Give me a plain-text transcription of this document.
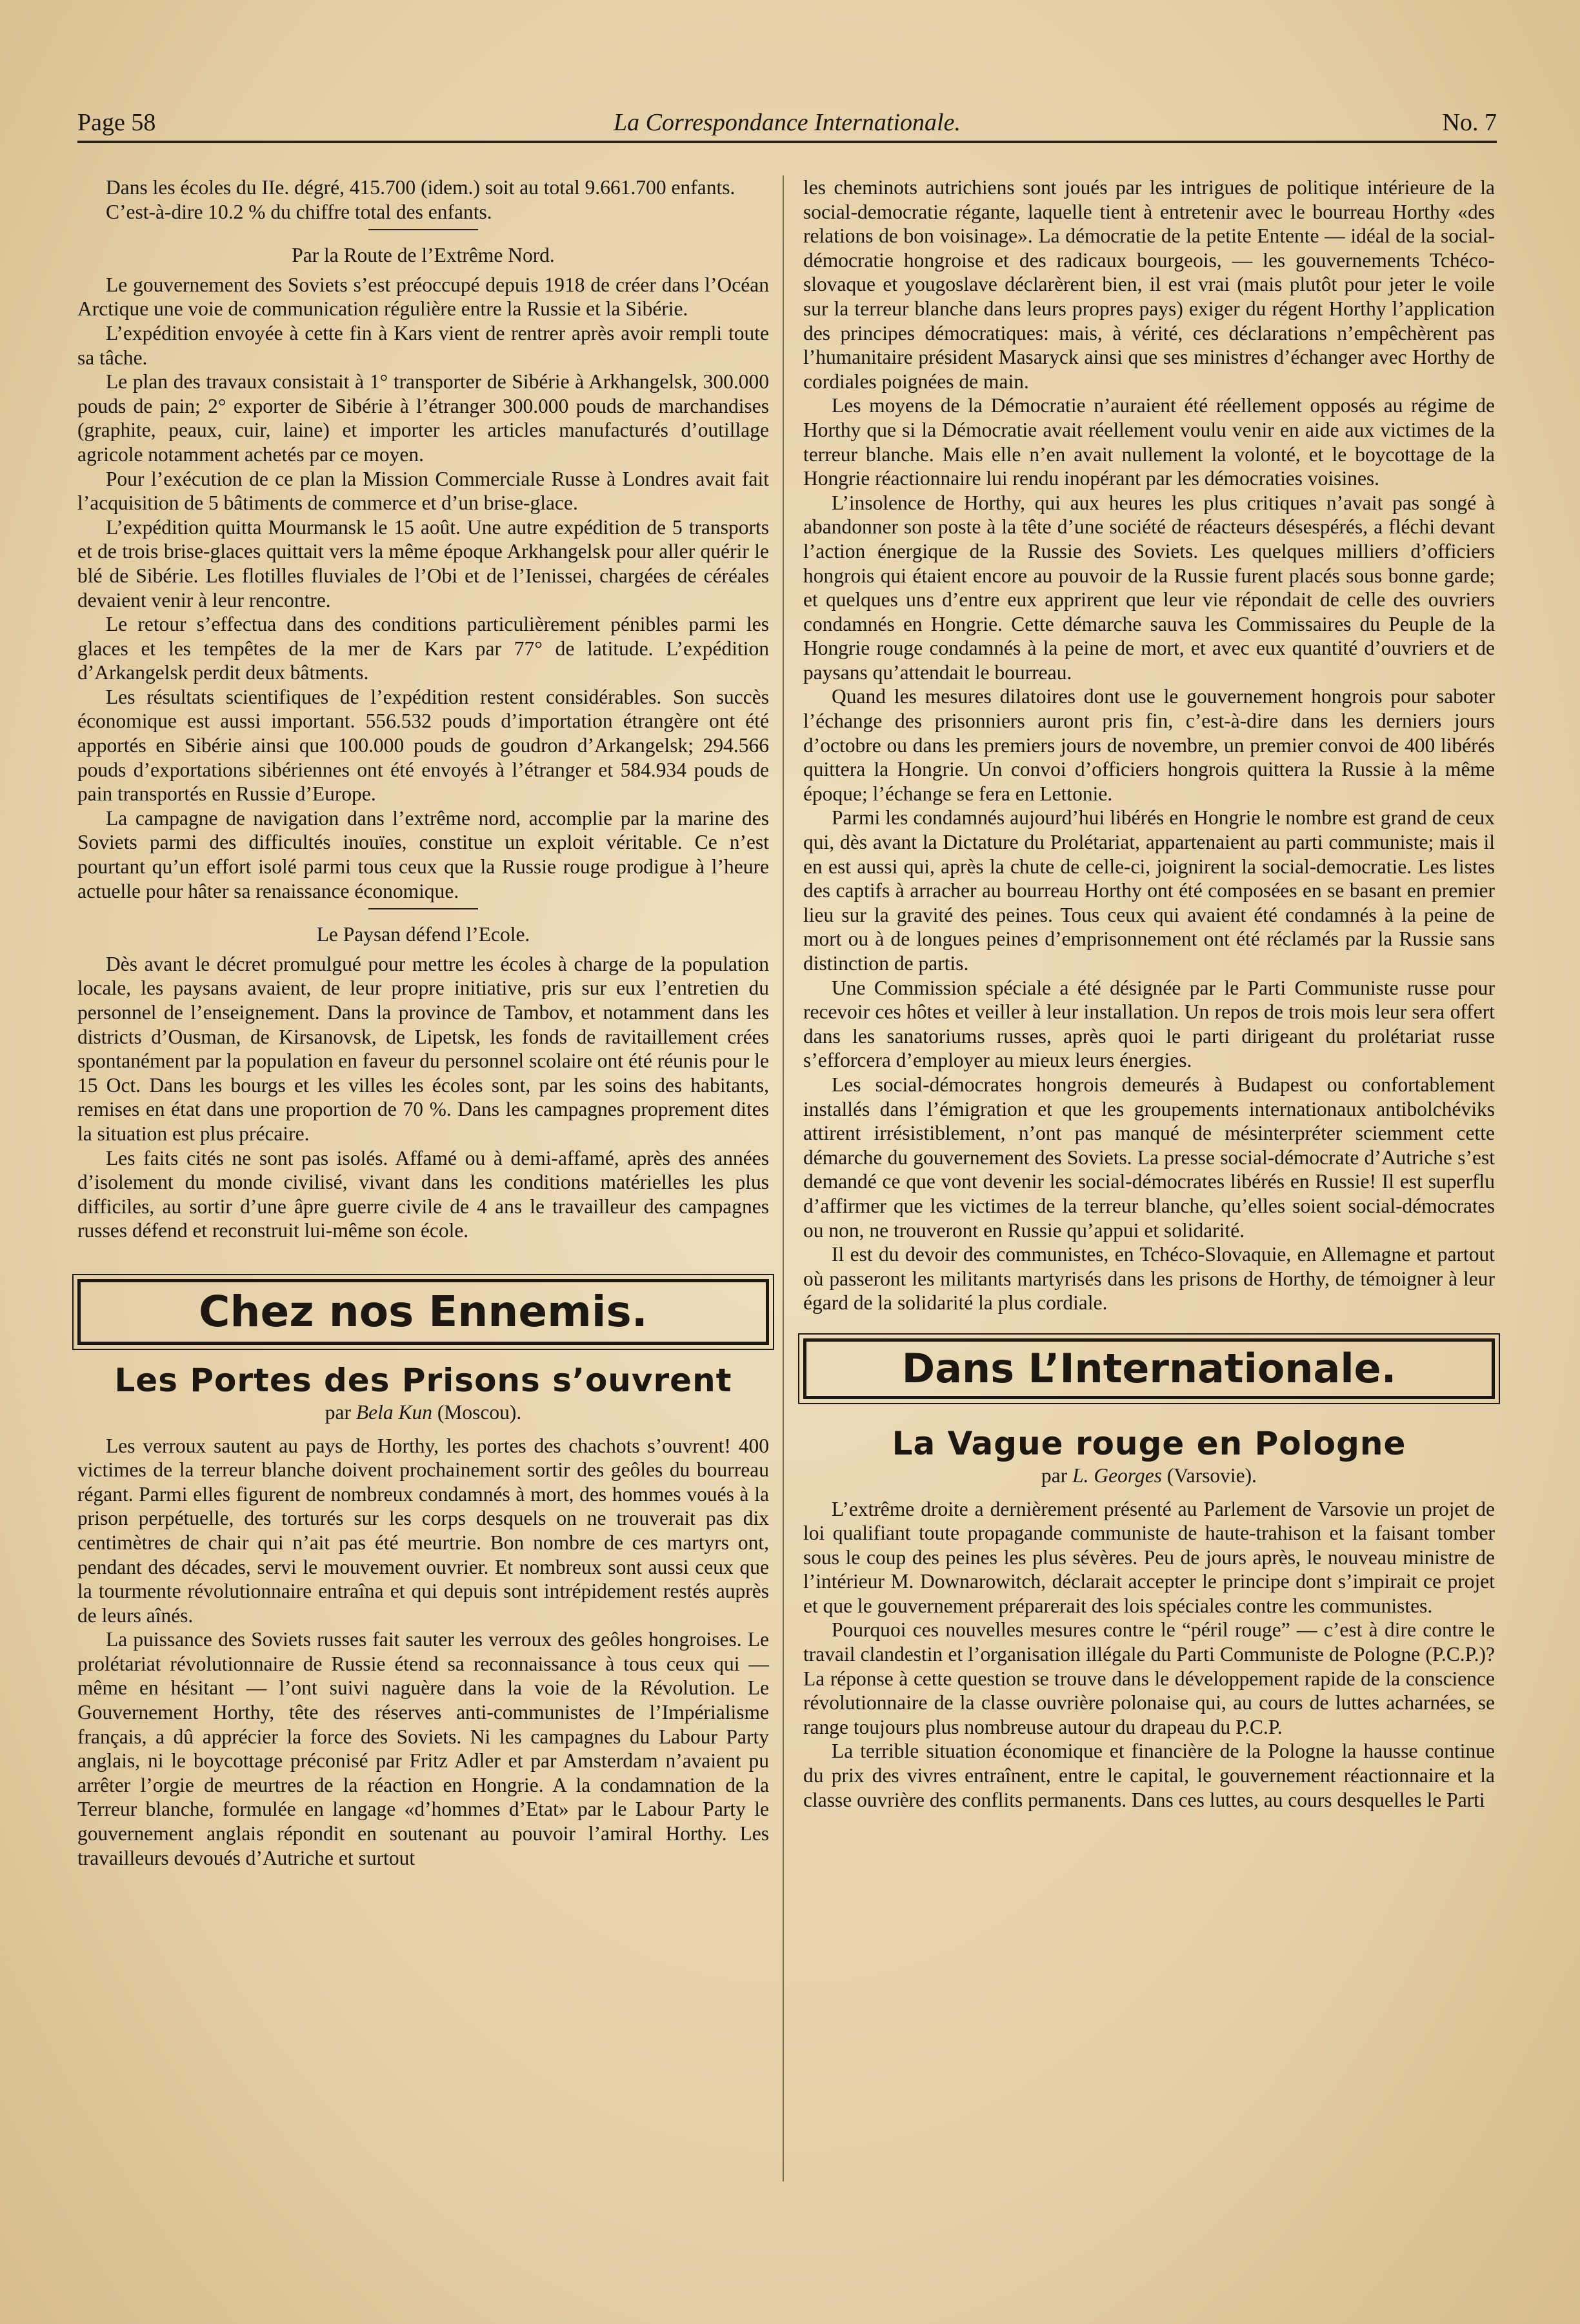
Page 58	La Correspondance Internationale.	No. 7

Dans les écoles du IIe. dégré, 415.700 (idem.) soit au total 9.661.700 enfants.

C’est-à-dire 10.2 % du chiffre total des enfants.

Par la Route de l’Extrême Nord.

Le gouvernement des Soviets s’est préoccupé depuis 1918 de créer dans l’Océan Arctique une voie de communication régulière entre la Russie et la Sibérie.

L’expédition envoyée à cette fin à Kars vient de rentrer après avoir rempli toute sa tâche.

Le plan des travaux consistait à 1° transporter de Sibérie à Arkhangelsk, 300.000 pouds de pain; 2° exporter de Sibérie à l’étranger 300.000 pouds de marchandises (graphite, peaux, cuir, laine) et importer les articles manufacturés d’outillage agricole notamment achetés par ce moyen.

Pour l’exécution de ce plan la Mission Commerciale Russe à Londres avait fait l’acquisition de 5 bâtiments de commerce et d’un brise-glace.

L’expédition quitta Mourmansk le 15 août. Une autre expédition de 5 transports et de trois brise-glaces quittait vers la même époque Arkhangelsk pour aller quérir le blé de Sibérie. Les flotilles fluviales de l’Obi et de l’Ienissei, chargées de céréales devaient venir à leur rencontre.

Le retour s’effectua dans des conditions particulièrement pénibles parmi les glaces et les tempêtes de la mer de Kars par 77° de latitude. L’expédition d’Arkangelsk perdit deux bâtments.

Les résultats scientifiques de l’expédition restent considérables. Son succès économique est aussi important. 556.532 pouds d’importation étrangère ont été apportés en Sibérie ainsi que 100.000 pouds de goudron d’Arkangelsk; 294.566 pouds d’exportations sibériennes ont été envoyés à l’étranger et 584.934 pouds de pain transportés en Russie d’Europe.

La campagne de navigation dans l’extrême nord, accomplie par la marine des Soviets parmi des difficultés inouïes, constitue un exploit véritable. Ce n’est pourtant qu’un effort isolé parmi tous ceux que la Russie rouge prodigue à l’heure actuelle pour hâter sa renaissance économique.

Le Paysan défend l’Ecole.

Dès avant le décret promulgué pour mettre les écoles à charge de la population locale, les paysans avaient, de leur propre initiative, pris sur eux l’entretien du personnel de l’enseignement. Dans la province de Tambov, et notamment dans les districts d’Ousman, de Kirsanovsk, de Lipetsk, les fonds de ravitaillement crées spontanément par la population en faveur du personnel scolaire ont été réunis pour le 15 Oct. Dans les bourgs et les villes les écoles sont, par les soins des habitants, remises en état dans une proportion de 70 %. Dans les campagnes proprement dites la situation est plus précaire.

Les faits cités ne sont pas isolés. Affamé ou à demi-affamé, après des années d’isolement du monde civilisé, vivant dans les conditions matérielles les plus difficiles, au sortir d’une âpre guerre civile de 4 ans le travailleur des campagnes russes défend et reconstruit lui-même son école.

Chez nos Ennemis.
Les Portes des Prisons s’ouvrent
par Bela Kun (Moscou).

Les verroux sautent au pays de Horthy, les portes des chachots s’ouvrent! 400 victimes de la terreur blanche doivent prochainement sortir des geôles du bourreau régant. Parmi elles figurent de nombreux condamnés à mort, des hommes voués à la prison perpétuelle, des torturés sur les corps desquels on ne trouverait pas dix centimètres de chair qui n’ait pas été meurtrie. Bon nombre de ces martyrs ont, pendant des décades, servi le mouvement ouvrier. Et nombreux sont aussi ceux que la tourmente révolutionnaire entraîna et qui depuis sont intrépidement restés auprès de leurs aînés.

La puissance des Soviets russes fait sauter les verroux des geôles hongroises. Le prolétariat révolutionnaire de Russie étend sa reconnaissance à tous ceux qui — même en hésitant — l’ont suivi naguère dans la voie de la Révolution. Le Gouvernement Horthy, tête des réserves anti-communistes de l’Impérialisme français, a dû apprécier la force des Soviets. Ni les campagnes du Labour Party anglais, ni le boycottage préconisé par Fritz Adler et par Amsterdam n’avaient pu arrêter l’orgie de meurtres de la réaction en Hongrie. A la condamnation de la Terreur blanche, formulée en langage «d’hommes d’Etat» par le Labour Party le gouvernement anglais répondit en soutenant au pouvoir l’amiral Horthy. Les travailleurs devoués d’Autriche et surtout

les cheminots autrichiens sont joués par les intrigues de politique intérieure de la social-democratie régante, laquelle tient à entretenir avec le bourreau Horthy «des relations de bon voisinage». La démocratie de la petite Entente — idéal de la social-démocratie hongroise et des radicaux bourgeois, — les gouvernements Tchéco-slovaque et yougoslave déclarèrent bien, il est vrai (mais plutôt pour jeter le voile sur la terreur blanche dans leurs propres pays) exiger du régent Horthy l’application des principes démocratiques: mais, à vérité, ces déclarations n’empêchèrent pas l’humanitaire président Masaryck ainsi que ses ministres d’échanger avec Horthy de cordiales poignées de main.

Les moyens de la Démocratie n’auraient été réellement opposés au régime de Horthy que si la Démocratie avait réellement voulu venir en aide aux victimes de la terreur blanche. Mais elle n’en avait nullement la volonté, et le boycottage de la Hongrie réactionnaire lui rendu inopérant par les démocraties voisines.

L’insolence de Horthy, qui aux heures les plus critiques n’avait pas songé à abandonner son poste à la tête d’une société de réacteurs désespérés, a fléchi devant l’action énergique de la Russie des Soviets. Les quelques milliers d’officiers hongrois qui étaient encore au pouvoir de la Russie furent placés sous bonne garde; et quelques uns d’entre eux apprirent que leur vie répondait de celle des ouvriers condamnés en Hongrie. Cette démarche sauva les Commissaires du Peuple de la Hongrie rouge condamnés à la peine de mort, et avec eux quantité d’ouvriers et de paysans qu’attendait le bourreau.

Quand les mesures dilatoires dont use le gouvernement hongrois pour saboter l’échange des prisonniers auront pris fin, c’est-à-dire dans les derniers jours d’octobre ou dans les premiers jours de novembre, un premier convoi de 400 libérés quittera la Hongrie. Un convoi d’officiers hongrois quittera la Russie à la même époque; l’échange se fera en Lettonie.

Parmi les condamnés aujourd’hui libérés en Hongrie le nombre est grand de ceux qui, dès avant la Dictature du Prolétariat, appartenaient au parti communiste; mais il en est aussi qui, après la chute de celle-ci, joignirent la social-democratie. Les listes des captifs à arracher au bourreau Horthy ont été composées en se basant en premier lieu sur la gravité des peines. Tous ceux qui avaient été condamnés à la peine de mort ou à de longues peines d’emprisonnement ont été réclamés par la Russie sans distinction de partis.

Une Commission spéciale a été désignée par le Parti Communiste russe pour recevoir ces hôtes et veiller à leur installation. Un repos de trois mois leur sera offert dans les sanatoriums russes, après quoi le parti dirigeant du prolétariat russe s’efforcera d’employer au mieux leurs énergies.

Les social-démocrates hongrois demeurés à Budapest ou confortablement installés dans l’émigration et que les groupements internationaux antibolchéviks attirent irrésistiblement, n’ont pas manqué de mésinterpréter sciemment cette démarche du gouvernement des Soviets. La presse social-démocrate d’Autriche s’est demandé ce que vont devenir les social-démocrates libérés en Russie! Il est superflu d’affirmer que les victimes de la terreur blanche, qu’elles soient social-démocrates ou non, ne trouveront en Russie qu’appui et solidarité.

Il est du devoir des communistes, en Tchéco-Slovaquie, en Allemagne et partout où passeront les militants martyrisés dans les prisons de Horthy, de témoigner à leur égard de la solidarité la plus cordiale.

Dans L’Internationale.
La Vague rouge en Pologne
par L. Georges (Varsovie).

L’extrême droite a dernièrement présenté au Parlement de Varsovie un projet de loi qualifiant toute propagande communiste de haute-trahison et la faisant tomber sous le coup des peines les plus sévères. Peu de jours après, le nouveau ministre de l’intérieur M. Downarowitch, déclarait accepter le principe dont s’impirait ce projet et que le gouvernement préparerait des lois spéciales contre les communistes.

Pourquoi ces nouvelles mesures contre le “péril rouge” — c’est à dire contre le travail clandestin et l’organisation illégale du Parti Communiste de Pologne (P.C.P.)? La réponse à cette question se trouve dans le développement rapide de la conscience révolutionnaire de la classe ouvrière polonaise qui, au cours de luttes acharnées, se range toujours plus nombreuse autour du drapeau du P.C.P.

La terrible situation économique et financière de la Pologne la hausse continue du prix des vivres entraînent, entre le capital, le gouvernement réactionnaire et la classe ouvrière des conflits permanents. Dans ces luttes, au cours desquelles le Parti
